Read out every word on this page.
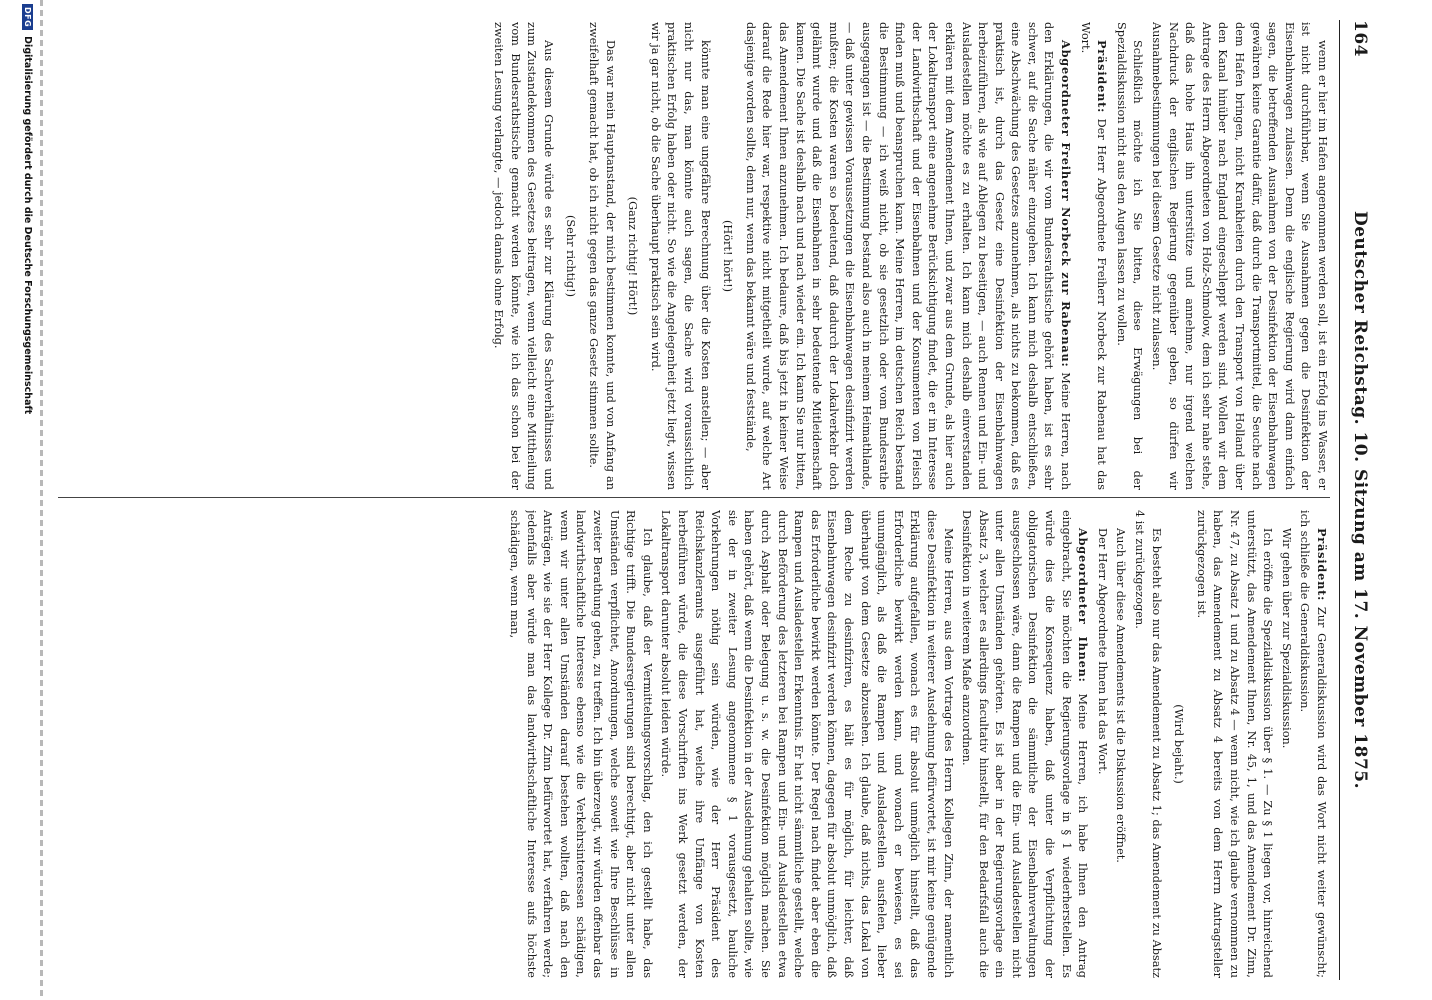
164
Deutscher Reichstag. 10. Sitzung am 17. November 1875.

wenn er hier im Hafen angenommen werden soll, ist ein Erfolg ins Wasser, er ist nicht durchführbar, wenn Sie Ausnahmen gegen die Desinfektion der Eisenbahnwagen zulassen. Denn die englische Regierung wird dann einfach sagen, die betreffenden Ausnahmen von der Desinfektion der Eisenbahnwagen gewähren keine Garantie dafür, daß durch die Transportmittel, die Seuche nach dem Hafen bringen, nicht Krankheiten durch den Transport von Holland über den Kanal hinüber nach England eingeschleppt werden sind. Wollen wir dem Antrage des Herrn Abgeordneten von Holz-Schmolow, dem ich sehr nahe stehe, daß das hohe Haus ihn unterstütze und annehme, nur irgend welchen Nachdruck der englischen Regierung gegenüber geben, so dürfen wir Ausnahmebestimmungen bei diesem Gesetze nicht zulassen.

Schließlich möchte ich Sie bitten, diese Erwägungen bei der Spezialdiskussion nicht aus den Augen lassen zu wollen.

Präsident: Der Herr Abgeordnete Freiherr Norbeck zur Rabenau hat das Wort.

Abgeordneter Freiherr Norbeck zur Rabenau: Meine Herren, nach den Erklärungen, die wir vom Bundesrathstische gehört haben, ist es sehr schwer, auf die Sache näher einzugehen. Ich kann mich deshalb entschließen, eine Abschwächung des Gesetzes anzunehmen, als nichts zu bekommen, daß es praktisch ist, durch das Gesetz eine Desinfektion der Eisenbahnwagen herbeizuführen, als wie auf Ablegen zu beseitigen, — auch Rennen und Ein- und Ausladestellen möchte es zu erhalten. Ich kann mich deshalb einverstanden erklären mit dem Amendement Ihnen, und zwar aus dem Grunde, als hier auch der Lokaltransport eine angenehme Berücksichtigung findet, die er im Interesse der Landwirthschaft und der Eisenbahnen und der Konsumenten von Fleisch finden muß und beanspruchen kann. Meine Herren, im deutschen Reich bestand die Bestimmung — ich weiß nicht, ob sie gesetzlich oder vom Bundesrathe ausgegangen ist — die Bestimmung bestand also auch in meinem Heimathlande, — daß unter gewissen Voraussetzungen die Eisenbahnwagen desinfizirt werden mußten; die Kosten waren so bedeutend, daß dadurch der Lokalverkehr doch gelähmt wurde und daß die Eisenbahnen in sehr bedeutende Mitleidenschaft kamen. Die Sache ist deshalb nach und nach wieder ein. Ich kann Sie nur bitten, das Amendement Ihnen anzunehmen. Ich bedaure, daß bis jetzt in keiner Weise darauf die Rede hier war, respektive nicht mitgetheilt wurde, auf welche Art dasjenige worden sollte, denn nur, wenn das bekannt wäre und feststände,

(Hört! hört!)

könnte man eine ungefähre Berechnung über die Kosten anstellen; — aber nicht nur das, man könnte auch sagen, die Sache wird voraussichtlich praktischen Erfolg haben oder nicht. So wie die Angelegenheit jetzt liegt, wissen wir ja gar nicht, ob die Sache überhaupt praktisch sein wird.

(Ganz richtig! Hört!)

Das war mein Hauptanstand, der mich bestimmen konnte, und von Anfang an zweifelhaft gemacht hat, ob ich nicht gegen das ganze Gesetz stimmen sollte.

(Sehr richtig!)

Aus diesem Grunde würde es sehr zur Klärung des Sachverhältnisses und zum Zustandekommen des Gesetzes beitragen, wenn vielleicht eine Mittheilung vom Bundesrathstische gemacht werden könnte, wie ich das schon bei der zweiten Lesung verlangte, — jedoch damals ohne Erfolg.

Präsident: Zur Generaldiskussion wird das Wort nicht weiter gewünscht; ich schließe die Generaldiskussion.

Wir gehen über zur Spezialdiskussion.

Ich eröffne die Spezialdiskussion über § 1. — Zu § 1 liegen vor, hinreichend unterstützt, das Amendement Ihnen, Nr. 45, 1, und das Amendement Dr. Zinn, Nr. 47, zu Absatz 1 und zu Absatz 4 — wenn nicht, wie ich glaube vernommen zu haben, das Amendement zu Absatz 4 bereits von dem Herrn Antragsteller zurückgezogen ist.

(Wird bejaht.)

Es besteht also nur das Amendement zu Absatz 1; das Amendement zu Absatz 4 ist zurückgezogen.

Auch über diese Amendements ist die Diskussion eröffnet.

Der Herr Abgeordnete Ihnen hat das Wort.

Abgeordneter Ihnen: Meine Herren, ich habe Ihnen den Antrag eingebracht, Sie möchten die Regierungsvorlage in § 1 wiederherstellen. Es würde dies die Konsequenz haben, daß unter die Verpflichtung der obligatorischen Desinfektion die sämmtliche der Eisenbahnverwaltungen ausgeschlossen wäre, dann die Rampen und die Ein- und Ausladestellen nicht unter allen Umständen gehörten. Es ist aber in der Regierungsvorlage ein Absatz 3, welcher es allerdings facultativ hinstellt, für den Bedarfsfall auch die Desinfektion in weiterem Maße anzuordnen.

Meine Herren, aus dem Vortrage des Herrn Kollegen Zinn, der namentlich diese Desinfektion in weiterer Ausdehnung befürwortet, ist mir keine genügende Erklärung aufgefallen, wonach es für absolut unmöglich hinstellt, daß das Erforderliche bewirkt werden kann, und wonach er bewiesen, es sei unumgänglich, als daß die Rampen und Ausladestellen ausfielen, lieber überhaupt von dem Gesetze abzusehen. Ich glaube, daß nichts, das Lokal von dem Reche zu desinfiziren, es hält es für möglich, für leichter, daß Eisenbahnwagen desinfizirt werden können, dagegen für absolut unmöglich, daß das Erforderliche bewirkt werden könnte. Der Regel nach findet aber eben die Rampen und Ausladestellen Erkenntnis. Er hat nicht sämmtliche gestellt, welche durch Beförderung des letzteren bei Rampen und Ein- und Ausladestellen etwa durch Asphalt oder Belegung u. s. w. die Desinfektion möglich machen. Sie haben gehört, daß wenn die Desinfektion in der Ausdehnung gehalten sollte, wie sie der in zweiter Lesung angenommene § 1 vorausgesetzt, bauliche Vorkehrungen nöthig sein würden, wie der Herr Präsident des Reichskanzleramts ausgeführt hat, welche ihre Umfänge von Kosten herbeiführen würde, die diese Vorschriften ins Werk gesetzt werden, der Lokaltransport darunter absolut leiden würde.

Ich glaube, daß der Vermittelungsvorschlag, den ich gestellt habe, das Richtige trifft. Die Bundesregierungen sind berechtigt, aber nicht unter allen Umständen verpflichtet, Anordnungen, welche soweit wie Ihre Beschlüsse in zweiter Berathung gehen, zu treffen. Ich bin überzeugt, wir würden offenbar das landwirthschaftliche Interesse ebenso wie die Verkehrsinteressen schädigen, wenn wir unter allen Umständen darauf bestehen wollten, daß nach den Anträgen, wie sie der Herr Kollege Dr. Zinn befürwortet hat, verfahren werde; jedenfalls aber würde man das landwirthschaftliche Interesse aufs höchste schädigen, wenn man,

DFG
Digitalisierung gefördert durch die Deutsche Forschungsgemeinschaft
